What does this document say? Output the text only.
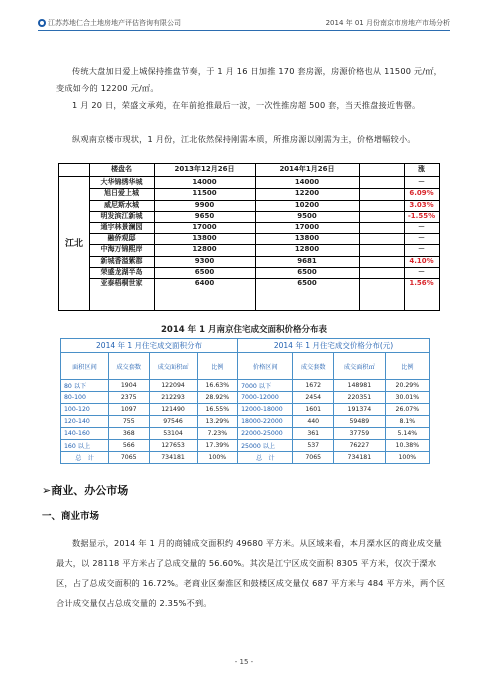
江苏苏地仁合土地房地产评估咨询有限公司	2014 年 01 月份南京市房地产市场分析
传统大盘加日爱上城保持推盘节奏，于 1 月 16 日加推 170 套房源，房源价格也从 11500 元/㎡，变成如今的 12200 元/㎡。
1 月 20 日，荣盛文承苑，在年前抢推最后一波，一次性推房超 500 套，当天推盘接近售罄。
纵观南京楼市现状，1 月份，江北依然保持刚需本质，所推房源以刚需为主，价格增幅较小。
江北
楼盘名	2013年12月26日	2014年1月26日	涨
大华锦绣华城	14000	14000	－
旭日爱上城	11500	12200	6.09%
威尼斯水城	9900	10200	3.03%
明发滨江新城	9650	9500	-1.55%
通宇林景澜园	17000	17000	－
融侨观邸	13800	13800	－
中海万锦熙岸	12800	12800	－
新城香溢紫郡	9300	9681	4.10%
荣盛龙湖半岛	6500	6500	－
亚泰梧桐世家	6400	6500	1.56%
2014 年 1 月南京住宅成交面积价格分布表
2014 年 1 月住宅成交面积分布				2014 年 1 月住宅成交价格分布(元)			
面积区间	成交套数	成交面积㎡	比例	价格区间	成交套数	成交面积㎡	比例
80 以下	1904	122094	16.63%	7000 以下	1672	148981	20.29%
80-100	2375	212293	28.92%	7000-12000	2454	220351	30.01%
100-120	1097	121490	16.55%	12000-18000	1601	191374	26.07%
120-140	755	97546	13.29%	18000-22000	440	59489	8.1%
140-160	368	53104	7.23%	22000-25000	361	37759	5.14%
160 以上	566	127653	17.39%	25000 以上	537	76227	10.38%
总　计	7065	734181	100%	总　计	7065	734181	100%
➢商业、办公市场
一、商业市场
数据显示，2014 年 1 月的商铺成交面积约 49680 平方米。从区域来看，本月溧水区的商业成交量最大，以 28118 平方米占了总成交量的 56.60%。其次是江宁区成交面积 8305 平方米，仅次于溧水区，占了总成交面积的 16.72%。老商业区秦淮区和鼓楼区成交量仅 687 平方米与 484 平方米，两个区合计成交量仅占总成交量的 2.35%不到。
- 15 -
